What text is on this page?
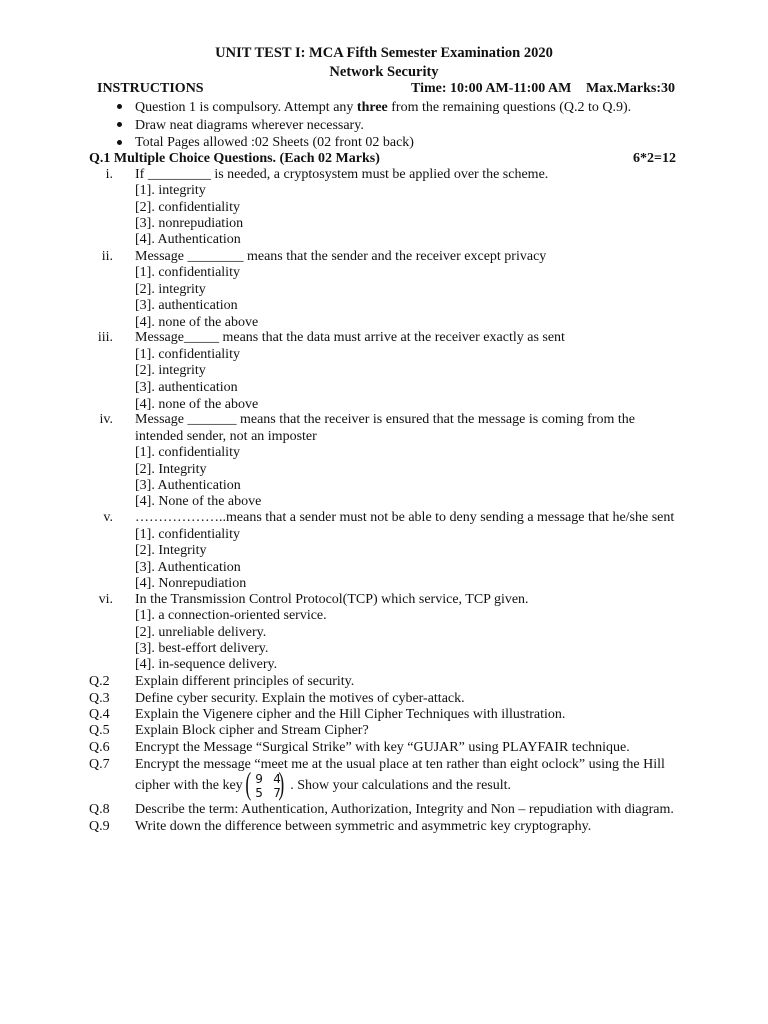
UNIT TEST I: MCA Fifth Semester Examination 2020
Network Security
INSTRUCTIONS	Time: 10:00 AM-11:00 AM Max.Marks:30
Question 1 is compulsory. Attempt any three from the remaining questions (Q.2 to Q.9).
Draw neat diagrams wherever necessary.
Total Pages allowed :02 Sheets (02 front 02 back)
Q.1 Multiple Choice Questions. (Each 02 Marks)	6*2=12
i. If _________ is needed, a cryptosystem must be applied over the scheme.
[1]. integrity
[2]. confidentiality
[3]. nonrepudiation
[4]. Authentication
ii. Message ________ means that the sender and the receiver except privacy
[1]. confidentiality
[2]. integrity
[3]. authentication
[4]. none of the above
iii. Message_____ means that the data must arrive at the receiver exactly as sent
[1]. confidentiality
[2]. integrity
[3]. authentication
[4]. none of the above
iv. Message _______ means that the receiver is ensured that the message is coming from the
intended sender, not an imposter
[1]. confidentiality
[2]. Integrity
[3]. Authentication
[4]. None of the above
v. ………………..means that a sender must not be able to deny sending a message that he/she sent
[1]. confidentiality
[2]. Integrity
[3]. Authentication
[4]. Nonrepudiation
vi. In the Transmission Control Protocol(TCP) which service, TCP given.
[1]. a connection-oriented service.
[2]. unreliable delivery.
[3]. best-effort delivery.
[4]. in-sequence delivery.
Q.2 Explain different principles of security.
Q.3 Define cyber security. Explain the motives of cyber-attack.
Q.4 Explain the Vigenere cipher and the Hill Cipher Techniques with illustration.
Q.5 Explain Block cipher and Stream Cipher?
Q.6 Encrypt the Message “Surgical Strike” with key “GUJAR” using PLAYFAIR technique.
Q.7 Encrypt the message “meet me at the usual place at ten rather than eight oclock” using the Hill
cipher with the key ( 9 4
5 7
) . Show your calculations and the result.
Q.8 Describe the term: Authentication, Authorization, Integrity and Non – repudiation with diagram.
Q.9 Write down the difference between symmetric and asymmetric key cryptography.
